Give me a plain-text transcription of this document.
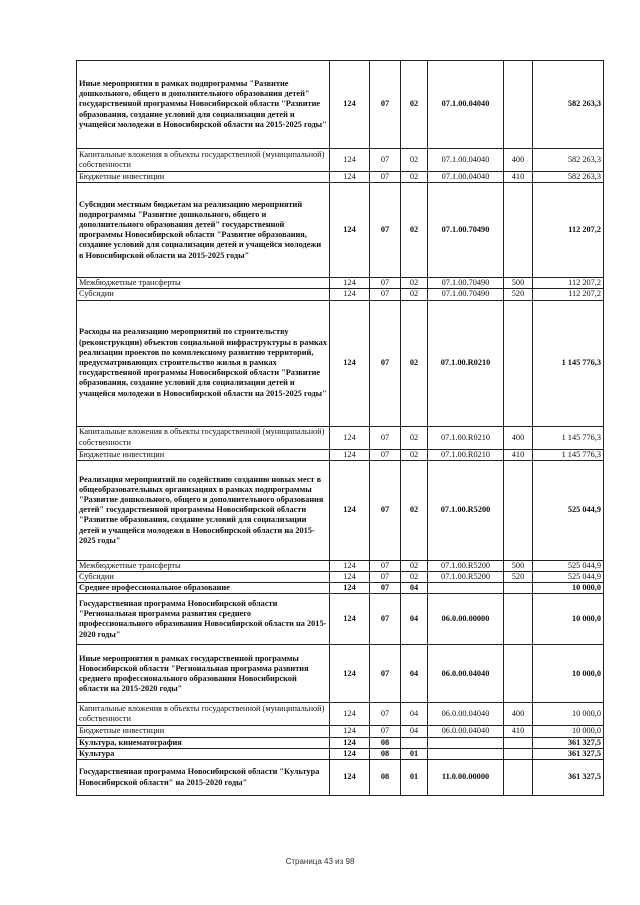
Иные мероприятия в рамках подпрограммы "Развитие дошкольного, общего и дополнительного образования детей" государственной программы Новосибирской области "Развитие образования, создание условий для социализации детей и учащейся молодежи в Новосибирской области на 2015-2025 годы"	124	07	02	07.1.00.04040		582 263,3
Капитальные вложения в объекты государственной (муниципальной) собственности	124	07	02	07.1.00.04040	400	582 263,3
Бюджетные инвестиции	124	07	02	07.1.00.04040	410	582 263,3
Субсидии местным бюджетам на реализацию мероприятий подпрограммы "Развитие дошкольного, общего и дополнительного образования детей" государственной программы Новосибирской области "Развитие образования, создание условий для социализации детей и учащейся молодежи в Новосибирской области на 2015-2025 годы"	124	07	02	07.1.00.70490		112 207,2
Межбюджетные трансферты	124	07	02	07.1.00.70490	500	112 207,2
Субсидии	124	07	02	07.1.00.70490	520	112 207,2
Расходы на реализацию мероприятий по строительству (реконструкции) объектов социальной инфраструктуры в рамках реализации проектов по комплексному развитию территорий, предусматривающих строительство жилья в рамках государственной программы Новосибирской области "Развитие образования, создание условий для социализации детей и учащейся молодежи в Новосибирской области на 2015-2025 годы"	124	07	02	07.1.00.R0210		1 145 776,3
Капитальные вложения в объекты государственной (муниципальной) собственности	124	07	02	07.1.00.R0210	400	1 145 776,3
Бюджетные инвестиции	124	07	02	07.1.00.R0210	410	1 145 776,3
Реализация мероприятий по содействию созданию новых мест в общеобразовательных организациях в рамках подпрограммы "Развитие дошкольного, общего и дополнительного образования детей" государственной программы Новосибирской области "Развитие образования, создание условий для социализации детей и учащейся молодежи в Новосибирской области на 2015-2025 годы"	124	07	02	07.1.00.R5200		525 044,9
Межбюджетные трансферты	124	07	02	07.1.00.R5200	500	525 044,9
Субсидии	124	07	02	07.1.00.R5200	520	525 044,9
Среднее профессиональное образование	124	07	04			10 000,0
Государственная программа Новосибирской области "Региональная программа развития среднего профессионального образования Новосибирской области на 2015-2020 годы"	124	07	04	06.0.00.00000		10 000,0
Иные мероприятия в рамках государственной программы Новосибирской области "Региональная программа развития среднего профессионального образования Новосибирской области на 2015-2020 годы"	124	07	04	06.0.00.04040		10 000,0
Капитальные вложения в объекты государственной (муниципальной) собственности	124	07	04	06.0.00.04040	400	10 000,0
Бюджетные инвестиции	124	07	04	06.0.00.04040	410	10 000,0
Культура, кинематография	124	08				361 327,5
Культура	124	08	01			361 327,5
Государственная программа Новосибирской области "Культура Новосибирской области" на 2015-2020 годы"	124	08	01	11.0.00.00000		361 327,5
Страница 43 из 98
